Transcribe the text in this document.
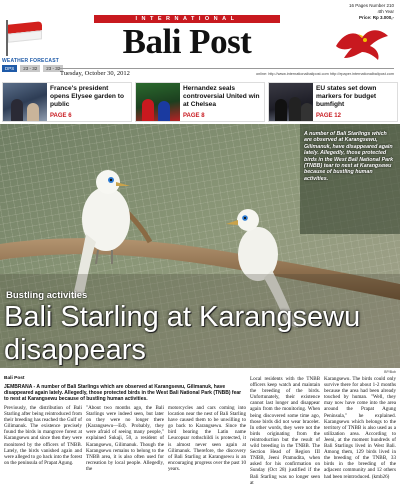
WEATHER FORECAST
DPS	23 - 32	23 - 32
INTERNATIONAL
Bali Post
16 Pages Number 210
4th Year
Price: Rp 3.000,-
Tuesday, October 30, 2012	online: http://www.internationalbalipost.com http://epaper.internationalbalipost.com
France's president opens Elysee garden to public
PAGE 6
Hernandez seals controversial United win at Chelsea
PAGE 8
EU states set down markers for budget bumfight
PAGE 12
A number of Bali Starlings which are observed at Karangsewu, Gilimanuk, have disappeared again lately. Allegedly, those protected birds in the West Bali National Park (TNBB) tear to nest at Karangsewu because of bustling human activities.
Bustling activities
Bali Starling at Karangsewu disappears
BP/Bob
Bali Post
JEMBRANA - A number of Bali Starlings which are observed at Karangsewu, Gilimanuk, have disappeared again lately. Allegedly, those protected birds in the West Bali National Park (TNBB) fear to nest at Karangsewu because of bustling human activities.

Previously, the distribution of Bali Starling after being reintroduced from their breeding has reached the Gulf of Gilimanuk. The existence precisely found the birds in mangrove forest at Karangsewu and since then they were monitored by the officers of TNBB. Lately, the birds vanished again and were alleged to go back into the forest on the peninsula of Prapat Agung.

"About two months ago, the Bali Starlings were indeed seen, but later on they were no longer there (Karangsewu—Ed). Probably, they were afraid of seeing many people," explained Sukaji, 50, a resident of Karangsewu, Gilimanuk. Though the Karangsewu remains to belong to the TNBB area, it is also often used for recreation by local people. Allegedly, the

motorcycles and cars coming into location near the nest of Bali Starling have caused them to be unwilling to go back to Karangsewu. Since the bird bearing the Latin name Leucopsar rothschildi is protected, it is almost never seen again at Gilimanuk. Therefore, the discovery of Bali Starling at Karangsewu is an encouraging progress over the past 10 years.

Local residents with the TNBB officers keep watch and maintain the breeding of the birds. Unfortunately, their existence cannot last longer and disappear again from the monitoring. When being discovered some time ago, those birds did not wear bracelet. In other words, they were not the birds originating from the reintroduction but the result of wild breeding in the TNBB. The Section Head of Region III TNBB, Jeeni Pramudita, when asked for his confirmation on Sunday (Oct 28) justified if the Bali Starling was no longer seen at

Karangsewu. The birds could only survive there for about 1-2 months because the area had been already touched by human. "Well, they may now have come into the area around the Prapat Agung Peninsula," he explained. Karangsewu which belongs to the territory of TNBB is also used as a utilization area. According to Jeeni, at the moment hundreds of Bali Starlings lived in West Bali. Among them, 129 birds lived in the breeding of the TNBB, 33 birds in the breeding of the adjacent community and 12 others had been reintroduced. (kmb26)
